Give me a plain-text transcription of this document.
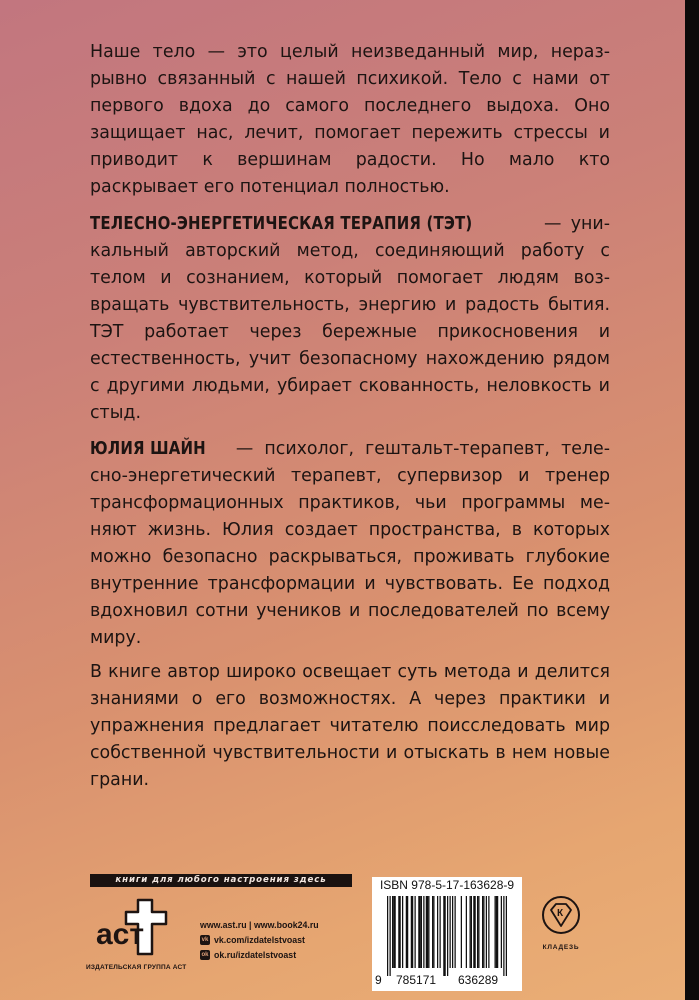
Наше тело — это целый неизведанный мир, неразрывно связанный с нашей психикой. Тело с нами от первого вдоха до самого последнего выдоха. Оно защищает нас, лечит, помогает пережить стрессы и приводит к вершинам радости. Но мало кто раскрывает его потенциал полностью.

ТЕЛЕСНО-ЭНЕРГЕТИЧЕСКАЯ ТЕРАПИЯ (ТЭТ)	— уникальный авторский метод, соединяющий работу с телом и сознанием, который помогает людям возвращать чувствительность, энергию и радость бытия. ТЭТ работает через бережные прикосновения и естественность, учит безопасному нахождению рядом с другими людьми, убирает скованность, неловкость и стыд.

ЮЛИЯ ШАЙН — психолог, гештальт-терапевт, телесно-энергетический терапевт, супервизор и тренер трансформационных практиков, чьи программы меняют жизнь. Юлия создает пространства, в которых можно безопасно раскрываться, проживать глубокие внутренние трансформации и чувствовать. Ее подход вдохновил сотни учеников и последователей по всему миру.

В книге автор широко освещает суть метода и делится знаниями о его возможностях. А через практики и упражнения предлагает читателю поисследовать мир собственной чувствительности и отыскать в нем новые грани.

книги для любого настроения здесь
аст
ИЗДАТЕЛЬСКАЯ ГРУППА АСТ
www.ast.ru | www.book24.ru
vk vk.com/izdatelstvoast
ok ok.ru/izdatelstvoast
ISBN 978-5-17-163628-9
9 785171 636289
К
КЛАДЕЗЬ
